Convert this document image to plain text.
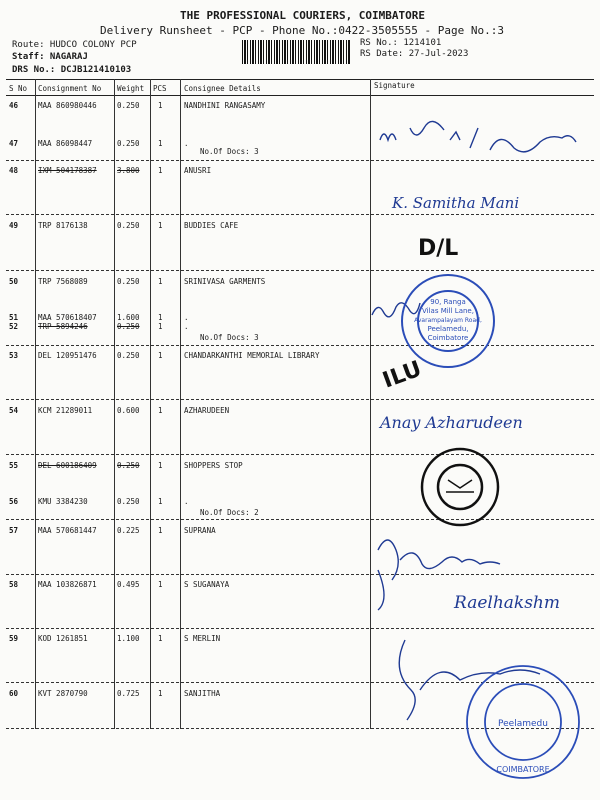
THE PROFESSIONAL COURIERS, COIMBATORE
Delivery Runsheet - PCP - Phone No.:0422-3505555 - Page No.:3
Route: HUDCO COLONY PCP
Staff: NAGARAJ
DRS No.: DCJB121410103
RS No.: 1214101
RS Date: 27-Jul-2023
S No Consignment No Weight PCS Consignee Details	Signature
46	MAA 860980446	0.250 1	NANDHINI RANGASAMY
47	MAA 86098447	0.250 1	.
No.Of Docs: 3
48	IXM 504178387	3.800 1	ANUSRI
49	TRP 8176138	0.250 1	BUDDIES CAFE
50	TRP 7568089	0.250 1	SRINIVASA GARMENTS
51	MAA 570618407	1.600 1	.
52	TRP 5894246	0.250 1	.
No.Of Docs: 3
53	DEL 120951476	0.250 1	CHANDARKANTHI MEMORIAL LIBRARY
54	KCM 21289011	0.600 1	AZHARUDEEN
55	DEL 600186409	0.250 1	SHOPPERS STOP
56	KMU 3384230	0.250 1	.
No.Of Docs: 2
57	MAA 570681447	0.225 1	SUPRANA
58	MAA 103826871	0.495 1	S SUGANAYA
59	KOD 1261851	1.100 1	S MERLIN
60	KVT 2870790	0.725 1	SANJITHA
K. Samitha Mani
D/L
ILU
Anay Azharudeen
Raelhakshm
90, Ranga
Vilas Mill Lane,
Avarampalayam Road,
Peelamedu,
Coimbatore
Peelamedu
COIMBATORE
